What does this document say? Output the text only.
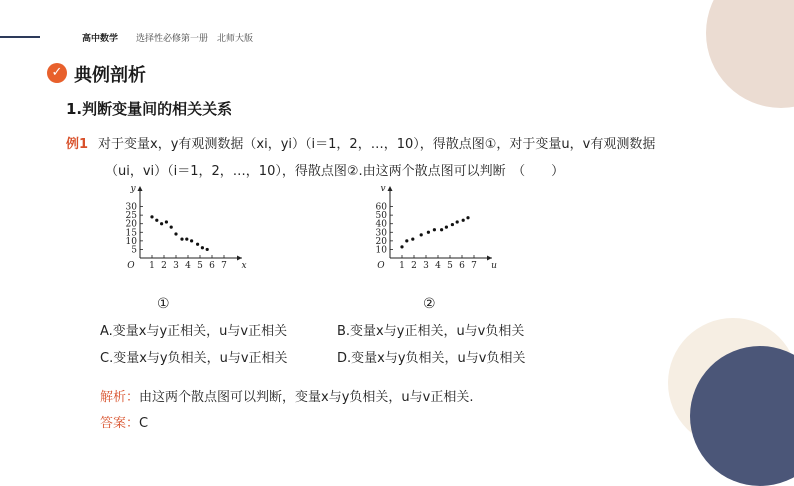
高中数学 选择性必修第一册　北师大版
✓ 典例剖析
1.判断变量间的相关关系
例1 对于变量x，y有观测数据（xi，yi）（i＝1，2，…，10），得散点图①，对于变量u，v有观测数据
（ui，vi）（i＝1，2，…，10），得散点图②.由这两个散点图可以判断　（　　）
y
x
O 1 2 3 4 5 6 7
5
10
15
20
25
30
v
u
O 1 2 3 4 5 6 7
10
20
30
40
50
60
①	②
A.变量x与y正相关，u与v正相关	B.变量x与y正相关，u与v负相关
C.变量x与y负相关，u与v正相关	D.变量x与y负相关，u与v负相关
解析：由这两个散点图可以判断，变量x与y负相关，u与v正相关.
答案：C
